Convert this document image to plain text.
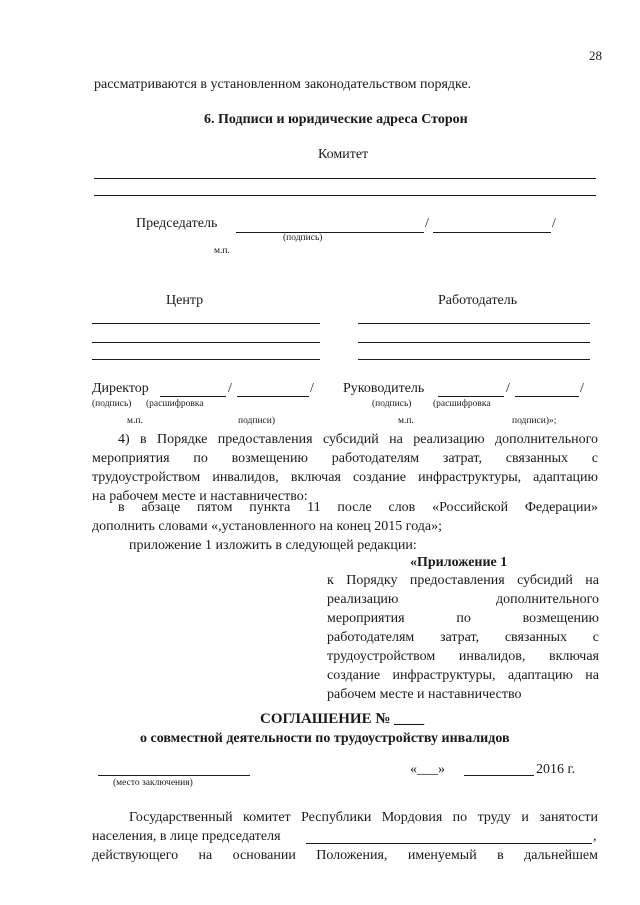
28
рассматриваются в установленном законодательством порядке.
6. Подписи и юридические адреса Сторон
Комитет
Председатель	/	/
(подпись)
м.п.
Центр	Работодатель
Директор	/	/ Руководитель	/	/
(подпись) (расшифровка	(подпись) (расшифровка
м.п.	подписи)	м.п.	подписи)»;
4) в Порядке предоставления субсидий на реализацию дополнительного
мероприятия по возмещению работодателям затрат, связанных с
трудоустройством инвалидов, включая создание инфраструктуры, адаптацию
на рабочем месте и наставничество:
в абзаце пятом пункта 11 после слов «Российской Федерации»
дополнить словами «,установленного на конец 2015 года»;
приложение 1 изложить в следующей редакции:
«Приложение 1
к Порядку предоставления субсидий на
реализацию дополнительного
мероприятия по возмещению
работодателям затрат, связанных с
трудоустройством инвалидов, включая
создание инфраструктуры, адаптацию на
рабочем месте и наставничество
СОГЛАШЕНИЕ № ____
о совместной деятельности по трудоустройству инвалидов
(место заключения)
«___»	2016 г.
Государственный комитет Республики Мордовия по труду и занятости
населения, в лице председателя	,
действующего на основании Положения, именуемый в дальнейшем
